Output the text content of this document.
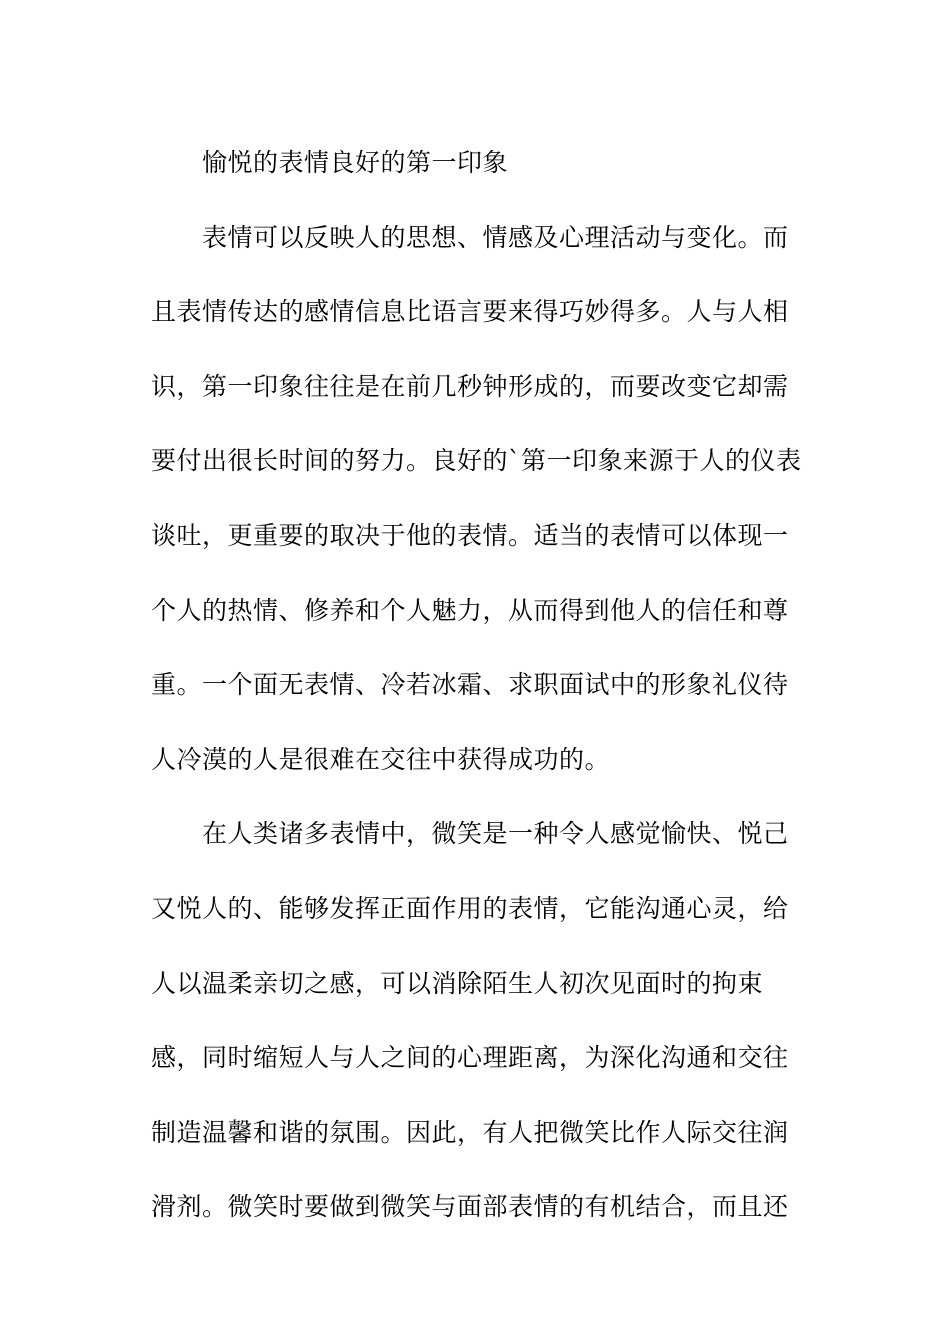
愉悦的表情良好的第一印象
表情可以反映人的思想、情感及心理活动与变化。而
且表情传达的感情信息比语言要来得巧妙得多。人与人相
识，第一印象往往是在前几秒钟形成的，而要改变它却需
要付出很长时间的努力。良好的`第一印象来源于人的仪表
谈吐，更重要的取决于他的表情。适当的表情可以体现一
个人的热情、修养和个人魅力，从而得到他人的信任和尊
重。一个面无表情、冷若冰霜、求职面试中的形象礼仪待
人冷漠的人是很难在交往中获得成功的。
在人类诸多表情中，微笑是一种令人感觉愉快、悦己
又悦人的、能够发挥正面作用的表情，它能沟通心灵，给
人以温柔亲切之感，可以消除陌生人初次见面时的拘束
感，同时缩短人与人之间的心理距离，为深化沟通和交往
制造温馨和谐的氛围。因此，有人把微笑比作人际交往润
滑剂。微笑时要做到微笑与面部表情的有机结合，而且还
